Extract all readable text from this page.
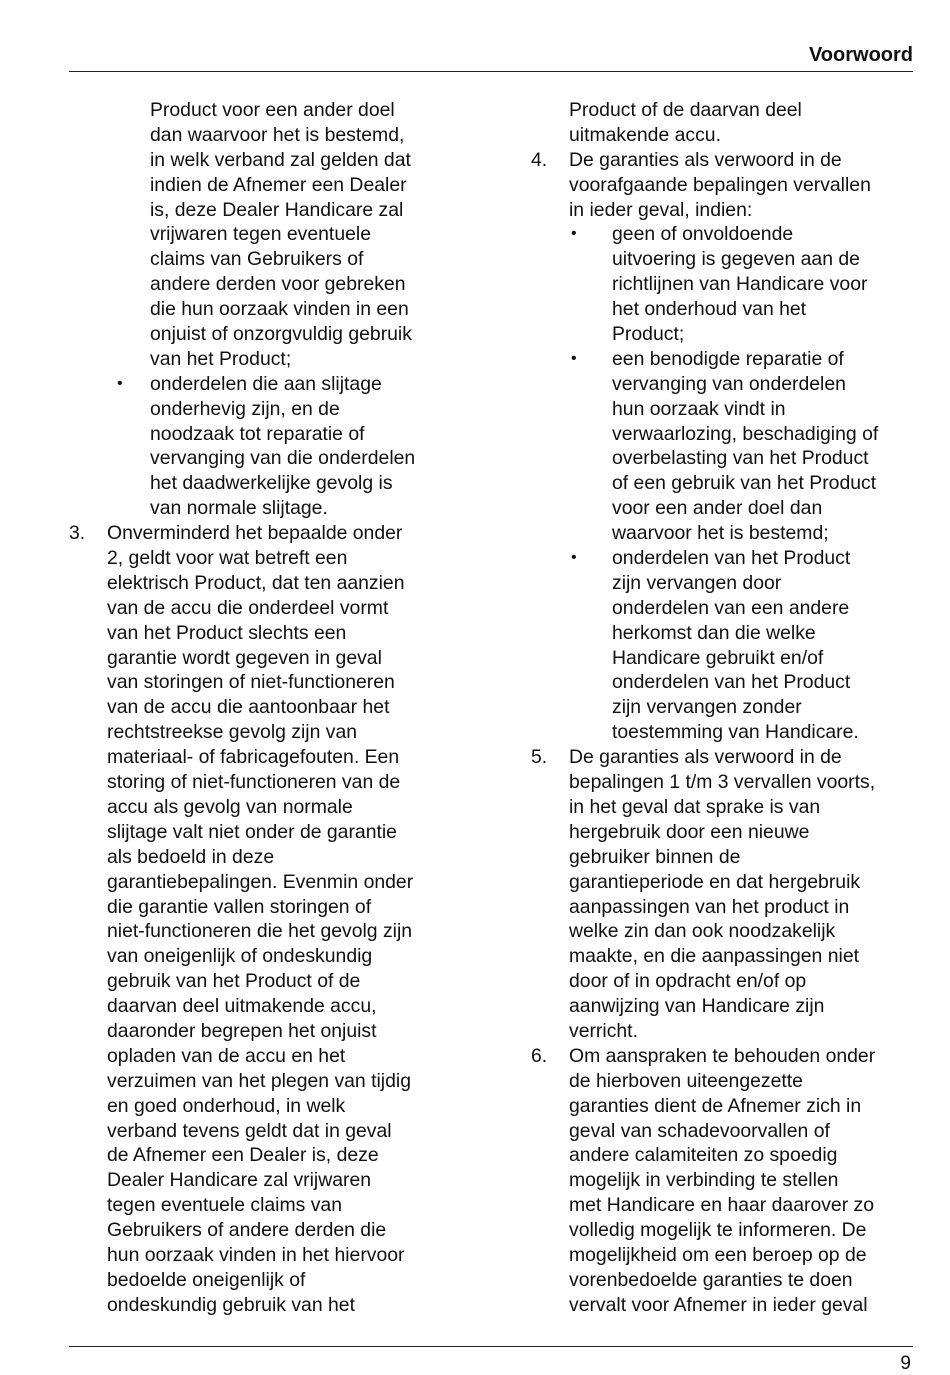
Voorwoord
Product voor een ander doel
dan waarvoor het is bestemd,
in welk verband zal gelden dat
indien de Afnemer een Dealer
is, deze Dealer Handicare zal
vrijwaren tegen eventuele
claims van Gebruikers of
andere derden voor gebreken
die hun oorzaak vinden in een
onjuist of onzorgvuldig gebruik
van het Product;
• onderdelen die aan slijtage
onderhevig zijn, en de
noodzaak tot reparatie of
vervanging van die onderdelen
het daadwerkelijke gevolg is
van normale slijtage.
3. Onverminderd het bepaalde onder
2, geldt voor wat betreft een
elektrisch Product, dat ten aanzien
van de accu die onderdeel vormt
van het Product slechts een
garantie wordt gegeven in geval
van storingen of niet-functioneren
van de accu die aantoonbaar het
rechtstreekse gevolg zijn van
materiaal- of fabricagefouten. Een
storing of niet-functioneren van de
accu als gevolg van normale
slijtage valt niet onder de garantie
als bedoeld in deze
garantiebepalingen. Evenmin onder
die garantie vallen storingen of
niet-functioneren die het gevolg zijn
van oneigenlijk of ondeskundig
gebruik van het Product of de
daarvan deel uitmakende accu,
daaronder begrepen het onjuist
opladen van de accu en het
verzuimen van het plegen van tijdig
en goed onderhoud, in welk
verband tevens geldt dat in geval
de Afnemer een Dealer is, deze
Dealer Handicare zal vrijwaren
tegen eventuele claims van
Gebruikers of andere derden die
hun oorzaak vinden in het hiervoor
bedoelde oneigenlijk of
ondeskundig gebruik van het
Product of de daarvan deel
uitmakende accu.
4. De garanties als verwoord in de
voorafgaande bepalingen vervallen
in ieder geval, indien:
• geen of onvoldoende
uitvoering is gegeven aan de
richtlijnen van Handicare voor
het onderhoud van het
Product;
• een benodigde reparatie of
vervanging van onderdelen
hun oorzaak vindt in
verwaarlozing, beschadiging of
overbelasting van het Product
of een gebruik van het Product
voor een ander doel dan
waarvoor het is bestemd;
• onderdelen van het Product
zijn vervangen door
onderdelen van een andere
herkomst dan die welke
Handicare gebruikt en/of
onderdelen van het Product
zijn vervangen zonder
toestemming van Handicare.
5. De garanties als verwoord in de
bepalingen 1 t/m 3 vervallen voorts,
in het geval dat sprake is van
hergebruik door een nieuwe
gebruiker binnen de
garantieperiode en dat hergebruik
aanpassingen van het product in
welke zin dan ook noodzakelijk
maakte, en die aanpassingen niet
door of in opdracht en/of op
aanwijzing van Handicare zijn
verricht.
6. Om aanspraken te behouden onder
de hierboven uiteengezette
garanties dient de Afnemer zich in
geval van schadevoorvallen of
andere calamiteiten zo spoedig
mogelijk in verbinding te stellen
met Handicare en haar daarover zo
volledig mogelijk te informeren. De
mogelijkheid om een beroep op de
vorenbedoelde garanties te doen
vervalt voor Afnemer in ieder geval
9
